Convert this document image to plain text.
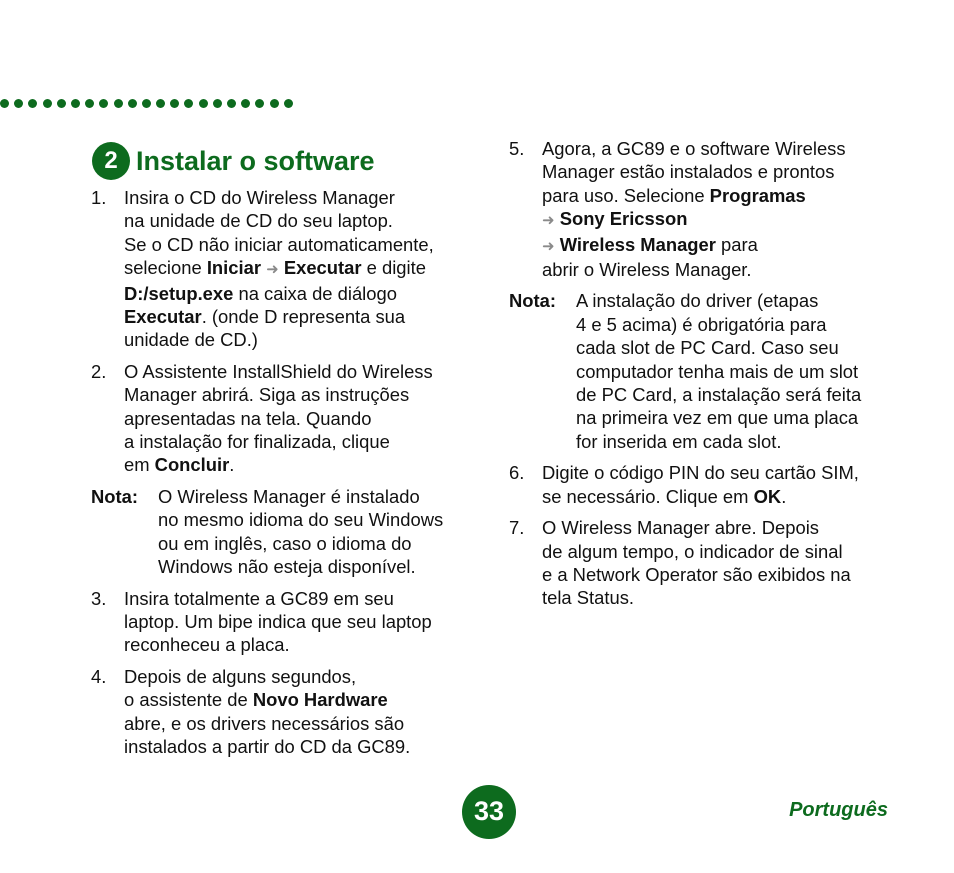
2 Instalar o software
1. Insira o CD do Wireless Manager
na unidade de CD do seu laptop.
Se o CD não iniciar automaticamente,
selecione Iniciar ➜ Executar e digite
D:/setup.exe na caixa de diálogo
Executar. (onde D representa sua
unidade de CD.)
2. O Assistente InstallShield do Wireless
Manager abrirá. Siga as instruções
apresentadas na tela. Quando
a instalação for finalizada, clique
em Concluir.
Nota:	O Wireless Manager é instalado
no mesmo idioma do seu Windows
ou em inglês, caso o idioma do
Windows não esteja disponível.
3. Insira totalmente a GC89 em seu
laptop. Um bipe indica que seu laptop
reconheceu a placa.
4. Depois de alguns segundos,
o assistente de Novo Hardware
abre, e os drivers necessários são
instalados a partir do CD da GC89.
5. Agora, a GC89 e o software Wireless
Manager estão instalados e prontos
para uso. Selecione Programas
➜ Sony Ericsson
➜ Wireless Manager para
abrir o Wireless Manager.
Nota:	A instalação do driver (etapas
4 e 5 acima) é obrigatória para
cada slot de PC Card. Caso seu
computador tenha mais de um slot
de PC Card, a instalação será feita
na primeira vez em que uma placa
for inserida em cada slot.
6. Digite o código PIN do seu cartão SIM,
se necessário. Clique em OK.
7. O Wireless Manager abre. Depois
de algum tempo, o indicador de sinal
e a Network Operator são exibidos na
tela Status.
33	Português
